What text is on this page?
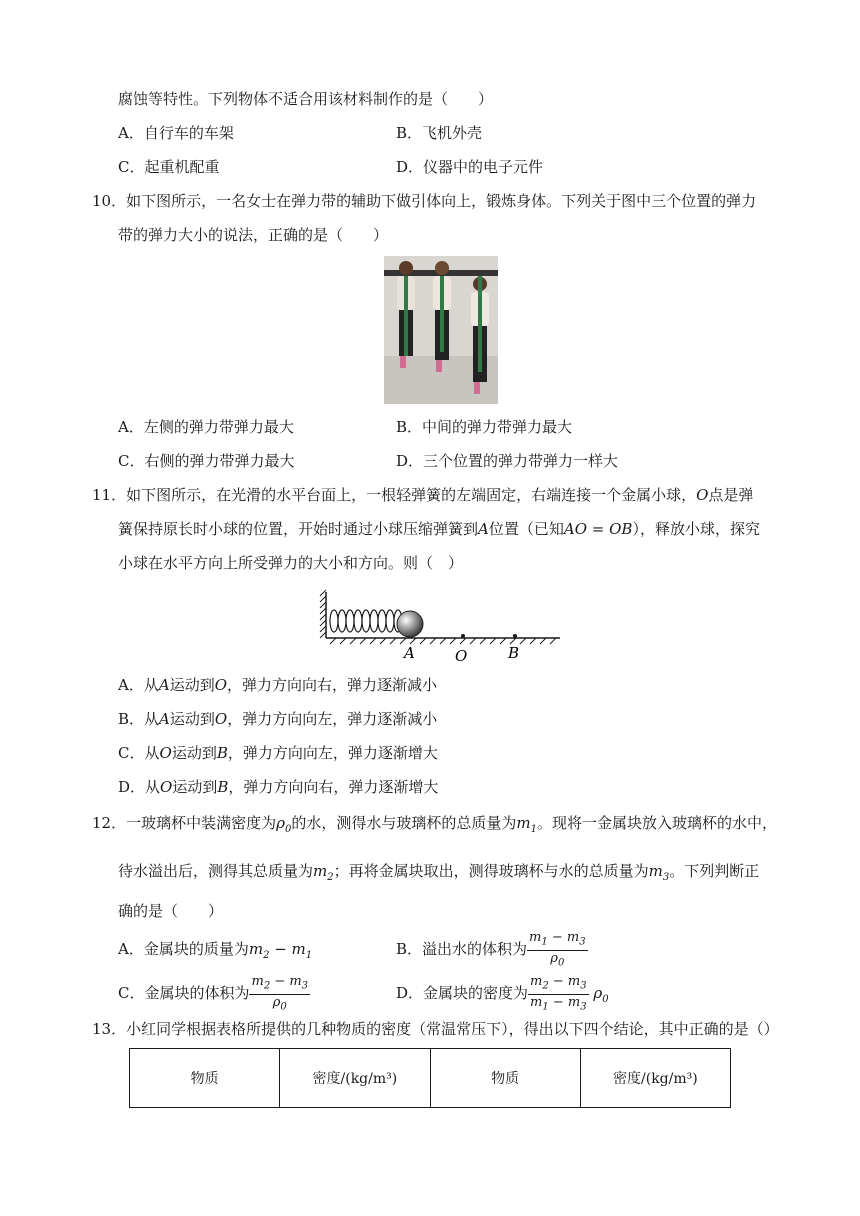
腐蚀等特性。下列物体不适合用该材料制作的是（　　）
A．自行车的车架	B．飞机外壳
C．起重机配重	D．仪器中的电子元件
10．如下图所示，一名女士在弹力带的辅助下做引体向上，锻炼身体。下列关于图中三个位置的弹力
带的弹力大小的说法，正确的是（　　）
A．左侧的弹力带弹力最大	B．中间的弹力带弹力最大
C．右侧的弹力带弹力最大	D．三个位置的弹力带弹力一样大
11．如下图所示，在光滑的水平台面上，一根轻弹簧的左端固定，右端连接一个金属小球，O点是弹
簧保持原长时小球的位置，开始时通过小球压缩弹簧到A位置（已知AO = OB），释放小球，探究
小球在水平方向上所受弹力的大小和方向。则（　）
A	O	B
A．从A运动到O，弹力方向向右，弹力逐渐减小
B．从A运动到O，弹力方向向左，弹力逐渐减小
C．从O运动到B，弹力方向向左，弹力逐渐增大
D．从O运动到B，弹力方向向右，弹力逐渐增大
12．一玻璃杯中装满密度为$\rho_0$的水，测得水与玻璃杯的总质量为$m_1$。现将一金属块放入玻璃杯的水中，
待水溢出后，测得其总质量为$m_2$；再将金属块取出，测得玻璃杯与水的总质量为$m_3$。下列判断正
确的是（　　）
A．金属块的质量为$m_2 - m_1$	B．溢出水的体积为 $\frac{m_1 - m_3}{\rho_0}$
C．金属块的体积为 $\frac{m_2 - m_3}{\rho_0}$	D．金属块的密度为 $\frac{m_2 - m_3}{m_1 - m_3} \rho_0$
13．小红同学根据表格所提供的几种物质的密度（常温常压下），得出以下四个结论，其中正确的是（）
物质	密度/(kg/m³)	物质	密度/(kg/m³)
